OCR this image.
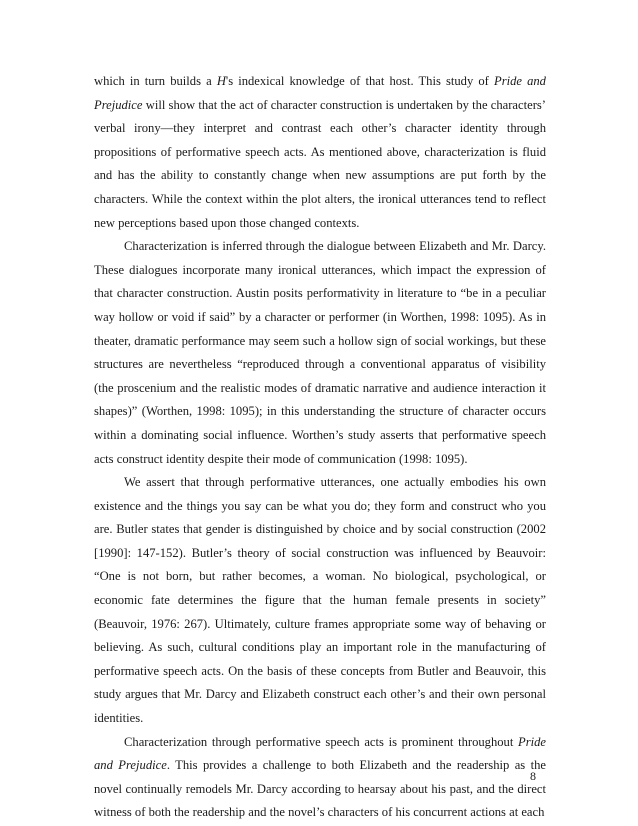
which in turn builds a H's indexical knowledge of that host. This study of Pride and Prejudice will show that the act of character construction is undertaken by the characters’ verbal irony—they interpret and contrast each other’s character identity through propositions of performative speech acts. As mentioned above, characterization is fluid and has the ability to constantly change when new assumptions are put forth by the characters. While the context within the plot alters, the ironical utterances tend to reflect new perceptions based upon those changed contexts.

Characterization is inferred through the dialogue between Elizabeth and Mr. Darcy. These dialogues incorporate many ironical utterances, which impact the expression of that character construction. Austin posits performativity in literature to “be in a peculiar way hollow or void if said” by a character or performer (in Worthen, 1998: 1095). As in theater, dramatic performance may seem such a hollow sign of social workings, but these structures are nevertheless “reproduced through a conventional apparatus of visibility (the proscenium and the realistic modes of dramatic narrative and audience interaction it shapes)” (Worthen, 1998: 1095); in this understanding the structure of character occurs within a dominating social influence. Worthen’s study asserts that performative speech acts construct identity despite their mode of communication (1998: 1095).

We assert that through performative utterances, one actually embodies his own existence and the things you say can be what you do; they form and construct who you are. Butler states that gender is distinguished by choice and by social construction (2002 [1990]: 147-152). Butler’s theory of social construction was influenced by Beauvoir: “One is not born, but rather becomes, a woman. No biological, psychological, or economic fate determines the figure that the human female presents in society” (Beauvoir, 1976: 267). Ultimately, culture frames appropriate some way of behaving or believing. As such, cultural conditions play an important role in the manufacturing of performative speech acts. On the basis of these concepts from Butler and Beauvoir, this study argues that Mr. Darcy and Elizabeth construct each other’s and their own personal identities.

Characterization through performative speech acts is prominent throughout Pride and Prejudice. This provides a challenge to both Elizabeth and the readership as the novel continually remodels Mr. Darcy according to hearsay about his past, and the direct witness of both the readership and the novel’s characters of his concurrent actions at each

8
